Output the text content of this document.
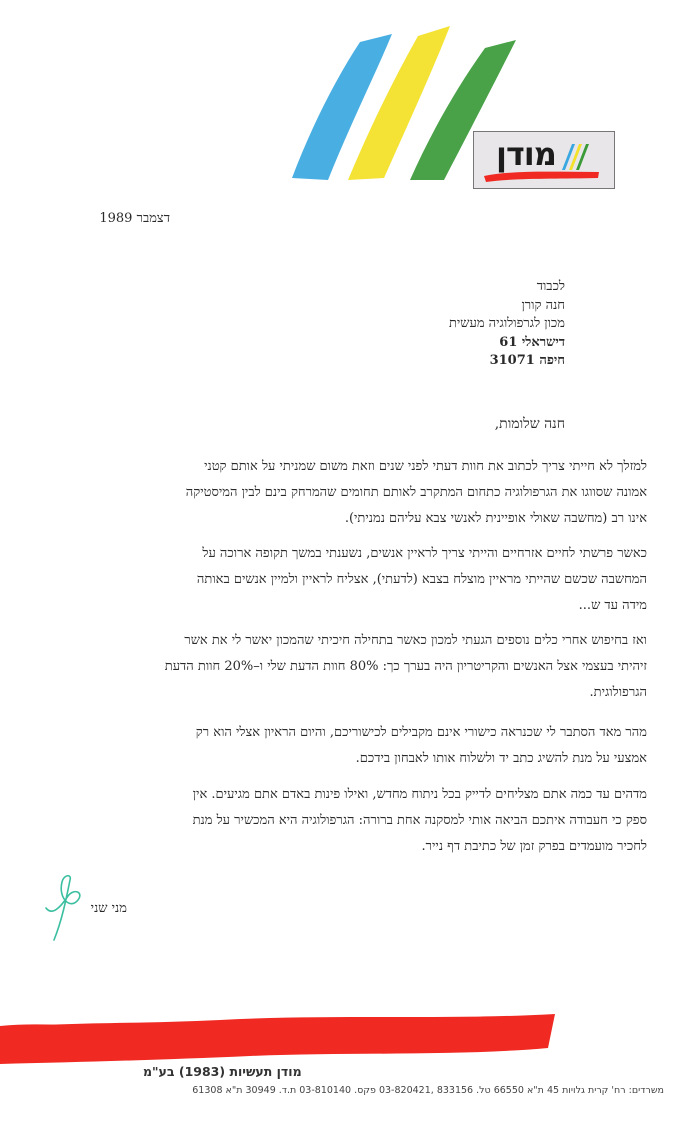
מודן
דצמבר 1989
לכבוד
חנה קורן
מכון לגרפולוגיה מעשית
דישראלי 61
חיפה 31071
חנה שלומות,
למזלך לא חייתי צריך לכתוב את חוות דעתי לפני שנים וזאת משום שמניתי על אותם קטני
אמונה שסווגו את הגרפולוגיה כתחום המתקרב לאותם תחומים שהמרחק בינם לבין המיסטיקה
אינו רב (מחשבה שאולי אופיינית לאנשי צבא עליהם נמניתי).
כאשר פרשתי לחיים אזרחיים והייתי צריך לראיין אנשים, נשענתי במשך תקופה ארוכה על
המחשבה שכשם שהייתי מראיין מוצלח בצבא (לדעתי), אצליח לראיין ולמיין אנשים באותה
מידה עד ש...
ואז בחיפוש אחרי כלים נוספים הגעתי למכון כאשר בתחילה חיכיתי שהמכון יאשר לי את אשר
זיהיתי בעצמי אצל האנשים והקריטריון היה בערך כך: 80% חוות הדעת שלי ו–20% חוות הדעת
הגרפולוגית.
מהר מאד הסתבר לי שכנראה כישורי אינם מקבילים לכישוריכם, והיום הראיון אצלי הוא רק
אמצעי על מנת להשיג כתב יד ולשלוח אותו לאבחון בידכם.
מדהים עד כמה אתם מצליחים לדייק בכל ניתוח מחדש, ואילו פינות באדם אתם מגיעים. אין
ספק כי חעבודה איתכם הביאה אותי למסקנה אחת ברורה: הגרפולוגיה היא המכשיר על מנת
לחכיר מועמדים בפרק זמן של כתיבת דף נייר.
מני שני
מודן תעשיות (1983) בע"מ
משרדים: רח' קרית גלויות 45 ת"א 66550 טל. 833156 ,03-820421 פקס. 03-810140 ת.ד. 30949 ת"א 61308
